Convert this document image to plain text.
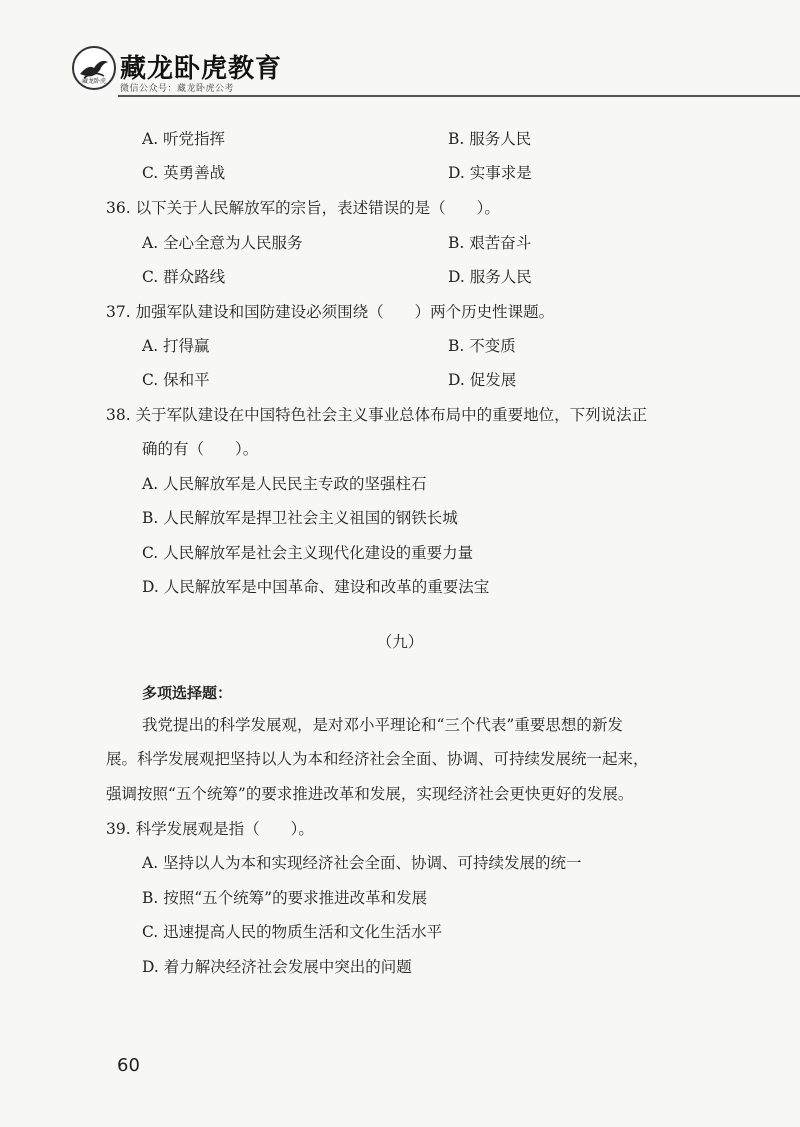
藏龙卧虎 藏龙卧虎教育
微信公众号：藏龙卧虎公考
A. 听党指挥	B. 服务人民
C. 英勇善战	D. 实事求是
36. 以下关于人民解放军的宗旨，表述错误的是（　　）。
A. 全心全意为人民服务	B. 艰苦奋斗
C. 群众路线	D. 服务人民
37. 加强军队建设和国防建设必须围绕（　　）两个历史性课题。
A. 打得赢	B. 不变质
C. 保和平	D. 促发展
38. 关于军队建设在中国特色社会主义事业总体布局中的重要地位，下列说法正
确的有（　　）。
A. 人民解放军是人民民主专政的坚强柱石
B. 人民解放军是捍卫社会主义祖国的钢铁长城
C. 人民解放军是社会主义现代化建设的重要力量
D. 人民解放军是中国革命、建设和改革的重要法宝
（九）
多项选择题：
我党提出的科学发展观，是对邓小平理论和“三个代表”重要思想的新发
展。科学发展观把坚持以人为本和经济社会全面、协调、可持续发展统一起来，
强调按照“五个统筹”的要求推进改革和发展，实现经济社会更快更好的发展。
39. 科学发展观是指（　　）。
A. 坚持以人为本和实现经济社会全面、协调、可持续发展的统一
B. 按照“五个统筹”的要求推进改革和发展
C. 迅速提高人民的物质生活和文化生活水平
D. 着力解决经济社会发展中突出的问题
60
